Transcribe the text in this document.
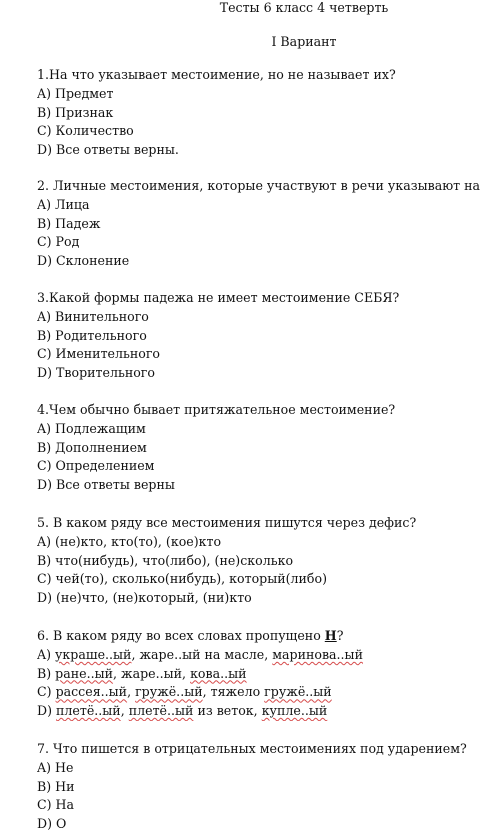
Тесты 6 класс 4 четверть
I Вариант
1.На что указывает местоимение, но не называет их?
A) Предмет
B) Признак
C) Количество
D) Все ответы верны.
2. Личные местоимения, которые участвуют в речи указывают на
A) Лица
B) Падеж
C) Род
D) Склонение
3.Какой формы падежа не имеет местоимение СЕБЯ?
A) Винительного
B) Родительного
C) Именительного
D) Творительного
4.Чем обычно бывает притяжательное местоимение?
A) Подлежащим
B) Дополнением
C) Определением
D) Все ответы верны
5. В каком ряду все местоимения пишутся через дефис?
A) (не)кто, кто(то), (кое)кто
B) что(нибудь), что(либо), (не)сколько
C) чей(то), сколько(нибудь), который(либо)
D) (не)что, (не)который, (ни)кто
6. В каком ряду во всех словах пропущено Н?
A) украше..ый, жаре..ый на масле, маринова..ый
B) ране..ый, жаре..ый, кова..ый
C) рассея..ый, гружё..ый, тяжело гружё..ый
D) плетё..ый, плетё..ый из веток, купле..ый
7. Что пишется в отрицательных местоимениях под ударением?
A) Не
B) Ни
C) На
D) О
